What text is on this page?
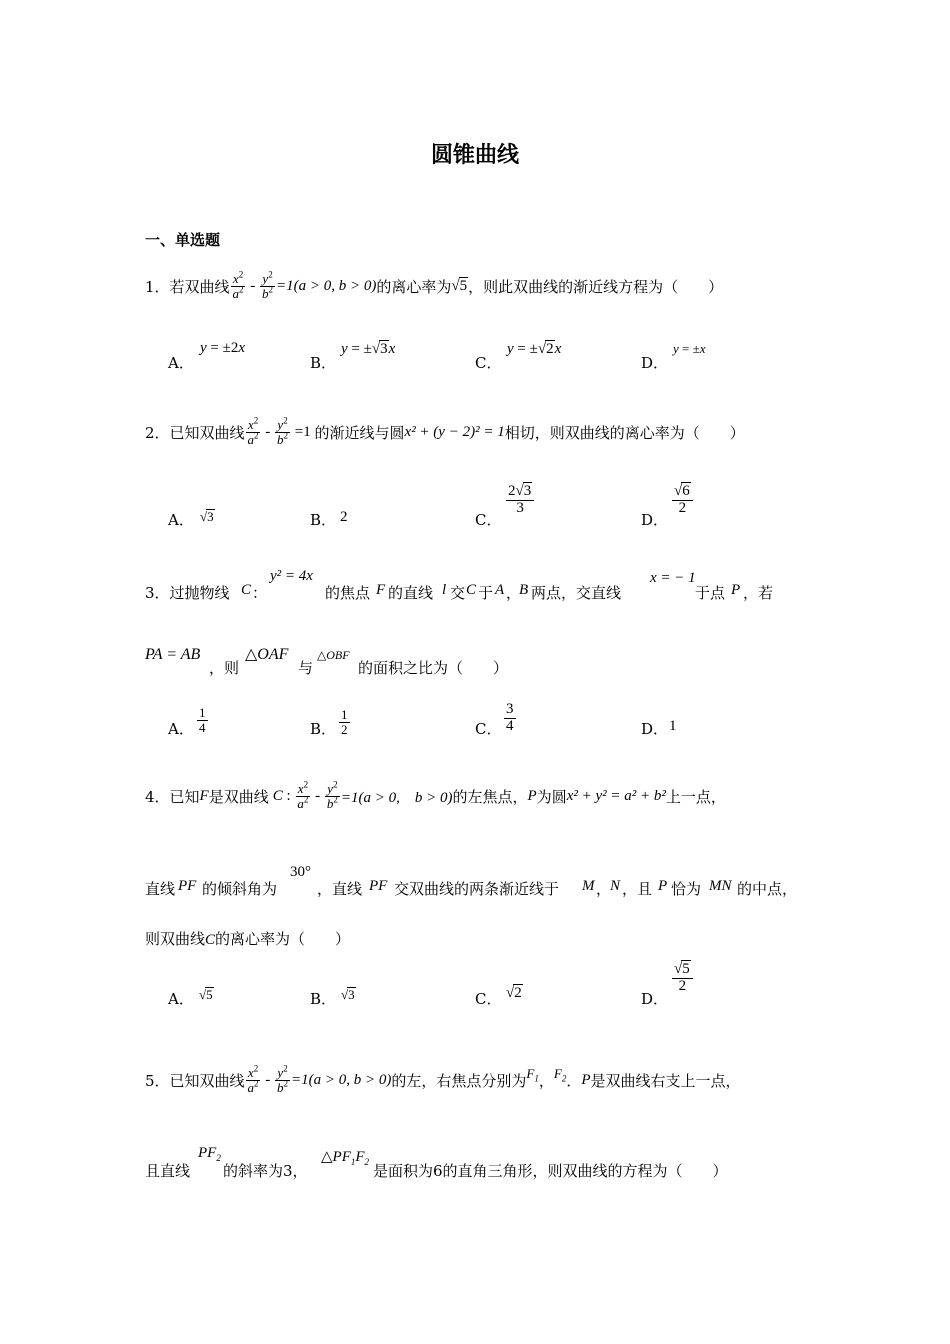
圆锥曲线
一、单选题
1．若双曲线 $\frac{x^2}{a^2} - \frac{y^2}{b^2} =1(a > 0$, b > 0) 的离心率为 √5 ，则此双曲线的渐近线方程为（　　）
A．
y = ±2x
B．
y = ±√3x
C．
y = ±√2x
D．
y = ±x
2．已知双曲线 $\frac{x^2}{a^2} - \frac{y^2}{b^2} =1$ 的渐近线与圆 x² + (y − 2)² = 1 相切，则双曲线的离心率为（　　）
A． √3	B． 2	C．
$\frac{2√3}{3}$
D．
$\frac{√6}{2}$
3．过抛物线 C ：
y² = 4x
的焦点 F 的直线 l 交 C 于 A ，
B 两点，交直线
x = − 1
于点 P ，若
PA = AB
，则
△OAF
与
△OBF
的面积之比为（　　）
A． $\frac{1}{4}$	B． $\frac{1}{2}$	C． $\frac{3}{4}$	D． 1
4．已知 F 是双曲线 C : $\frac{x^2}{a^2} - \frac{y^2}{b^2} =1(a > 0$,　b > 0) 的左焦点， P 为圆 x² + y² = a² + b² 上一点，
直线 PF 的倾斜角为
30°
，直线 PF 交双曲线的两条渐近线于 M ，
N ，且 P 恰为 MN 的中点，
则双曲线C的离心率为（　　）
A． √5	B． √3	C． √2	D．
$\frac{√5}{2}$
5．已知双曲线 $\frac{x^2}{a^2} - \frac{y^2}{b^2} =1(a > 0$, b > 0) 的左，右焦点分别为 $F_1$ ， $F_2$ ． P 是双曲线右支上一点，
且直线
$PF_2$
的斜率为3，
$\triangle PF_1F_2$ 是面积为6的直角三角形，则双曲线的方程为（　　）
